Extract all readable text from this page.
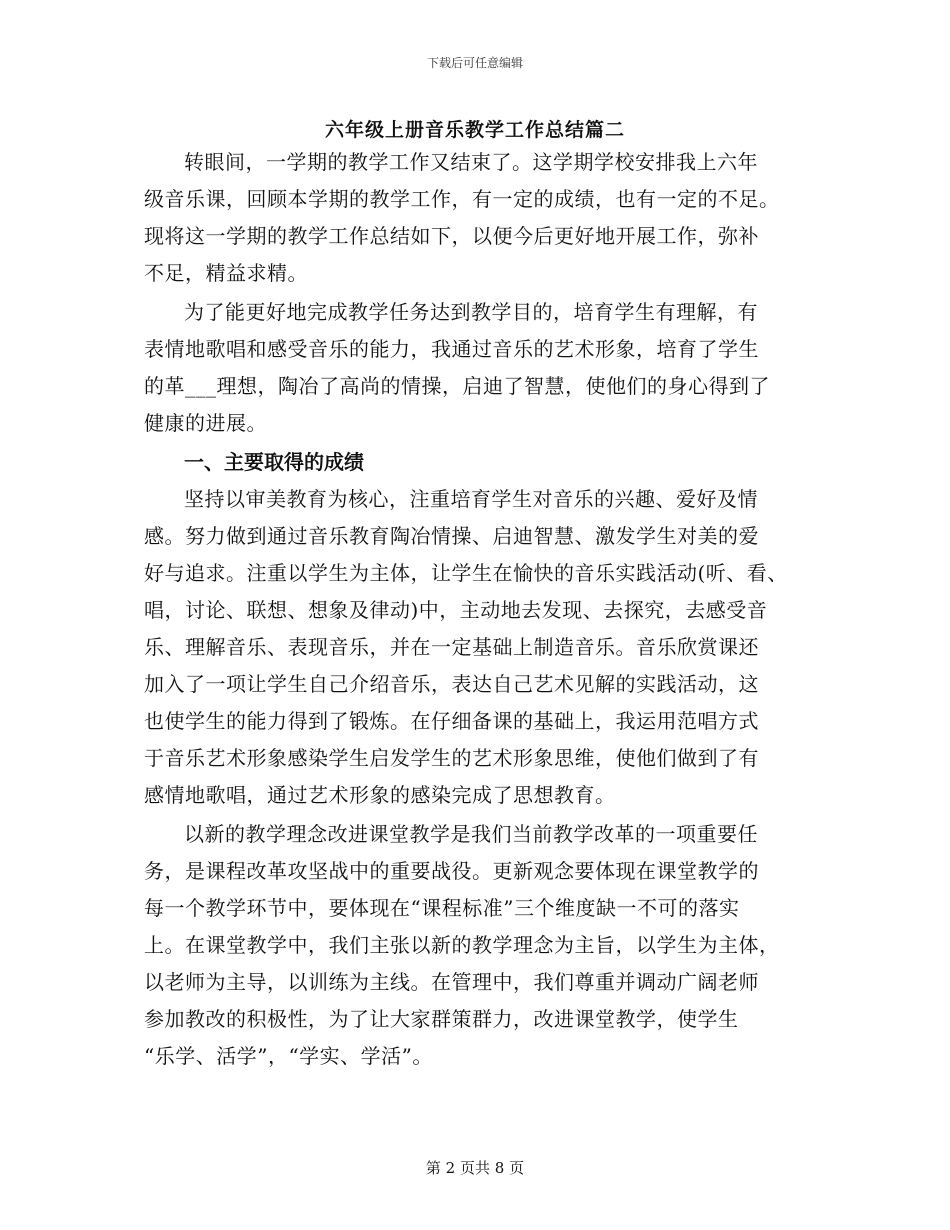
下载后可任意编辑
六年级上册音乐教学工作总结篇二
转眼间，一学期的教学工作又结束了。这学期学校安排我上六年
级音乐课，回顾本学期的教学工作，有一定的成绩，也有一定的不足。
现将这一学期的教学工作总结如下，以便今后更好地开展工作，弥补
不足，精益求精。
为了能更好地完成教学任务达到教学目的，培育学生有理解，有
表情地歌唱和感受音乐的能力，我通过音乐的艺术形象，培育了学生
的革___理想，陶冶了高尚的情操，启迪了智慧，使他们的身心得到了
健康的进展。
一、主要取得的成绩
坚持以审美教育为核心，注重培育学生对音乐的兴趣、爱好及情
感。努力做到通过音乐教育陶冶情操、启迪智慧、激发学生对美的爱
好与追求。注重以学生为主体，让学生在愉快的音乐实践活动(听、看、
唱，讨论、联想、想象及律动)中，主动地去发现、去探究，去感受音
乐、理解音乐、表现音乐，并在一定基础上制造音乐。音乐欣赏课还
加入了一项让学生自己介绍音乐，表达自己艺术见解的实践活动，这
也使学生的能力得到了锻炼。在仔细备课的基础上，我运用范唱方式
于音乐艺术形象感染学生启发学生的艺术形象思维，使他们做到了有
感情地歌唱，通过艺术形象的感染完成了思想教育。
以新的教学理念改进课堂教学是我们当前教学改革的一项重要任
务，是课程改革攻坚战中的重要战役。更新观念要体现在课堂教学的
每一个教学环节中，要体现在“课程标准”三个维度缺一不可的落实
上。在课堂教学中，我们主张以新的教学理念为主旨，以学生为主体，
以老师为主导，以训练为主线。在管理中，我们尊重并调动广阔老师
参加教改的积极性，为了让大家群策群力，改进课堂教学，使学生
“乐学、活学”，“学实、学活”。
第 2 页共 8 页
